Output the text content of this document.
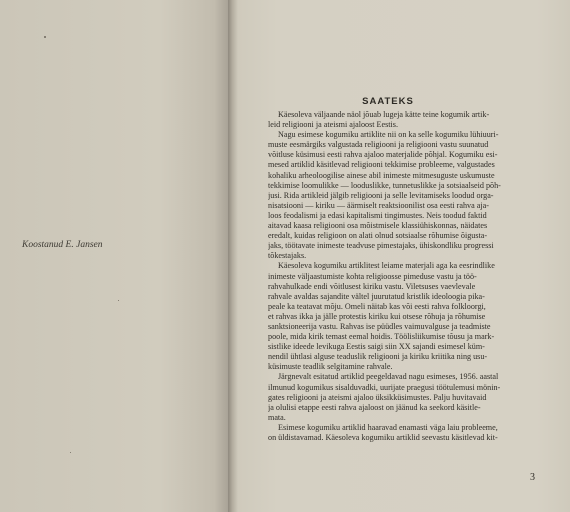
Koostanud E. Jansen
SAATEKS
Käesoleva väljaande näol jõuab lugeja kätte teine kogumik artik-
leid religiooni ja ateismi ajaloost Eestis.
Nagu esimese kogumiku artiklite nii on ka selle kogumiku lühiuuri-
muste eesmärgiks valgustada religiooni ja religiooni vastu suunatud
võitluse küsimusi eesti rahva ajaloo materjalide põhjal. Kogumiku esi-
mesed artiklid käsitlevad religiooni tekkimise probleeme, valgustades
kohaliku arheoloogilise ainese abil inimeste mitmesuguste uskumuste
tekkimise loomulikke — looduslikke, tunnetuslikke ja sotsiaalseid põh-
jusi. Rida artikleid jälgib religiooni ja selle levitamiseks loodud orga-
nisatsiooni — kiriku — äärmiselt reaktsioonilist osa eesti rahva aja-
loos feodalismi ja edasi kapitalismi tingimustes. Neis toodud faktid
aitavad kaasa religiooni osa mõistmisele klassiühiskonnas, näidates
eredalt, kuidas religioon on alati olnud sotsiaalse rõhumise õigusta-
jaks, töötavate inimeste teadvuse pimestajaks, ühiskondliku progressi
tõkestajaks.
Käesoleva kogumiku artiklitest leiame materjali aga ka eesrindlike
inimeste väljaastumiste kohta religioosse pimeduse vastu ja töö-
rahvahulkade endi võitlusest kiriku vastu. Viletsuses vaevlevale
rahvale avaldas sajandite vältel juurutatud kristlik ideoloogia pika-
peale ka teatavat mõju. Omeli näitab kas või eesti rahva folkloorgi,
et rahvas ikka ja jälle protestis kiriku kui otsese rõhuja ja rõhumise
sanktsioneerija vastu. Rahvas ise püüdles vaimuvalguse ja teadmiste
poole, mida kirik temast eemal hoidis. Töölisliikumise tõusu ja mark-
sistlike ideede levikuga Eestis saigi siin XX sajandi esimesel küm-
nendil ühtlasi alguse teaduslik religiooni ja kiriku kriitika ning usu-
küsimuste teadlik selgitamine rahvale.
Järgnevalt esitatud artiklid peegeldavad nagu esimeses, 1956. aastal
ilmunud kogumikus sisalduvadki, uurijate praegusi töötulemusi mönin-
gates religiooni ja ateismi ajaloo üksikküsimustes. Palju huvitavaid
ja olulisi etappe eesti rahva ajaloost on jäänud ka seekord käsitle-
mata.
Esimese kogumiku artiklid haaravad enamasti väga laiu probleeme,
on üldistavamad. Käesoleva kogumiku artiklid seevastu käsitlevad kit-
3
